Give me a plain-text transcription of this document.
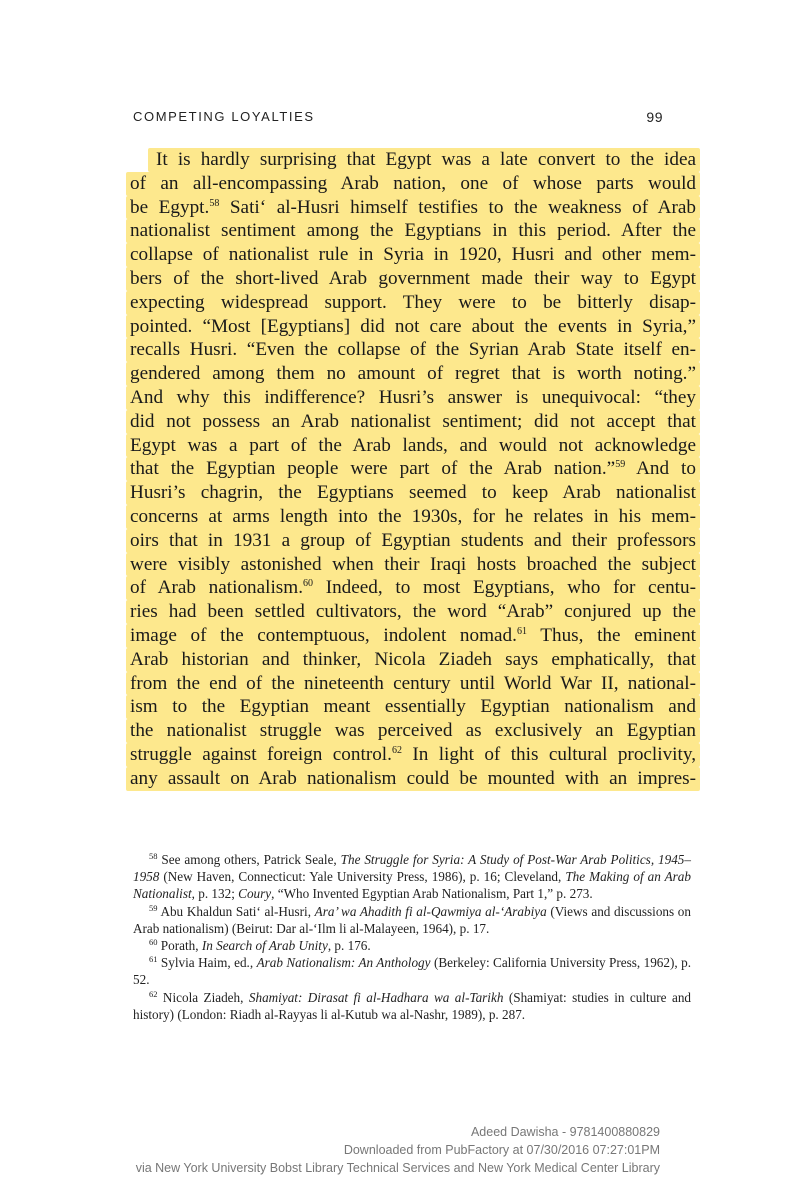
COMPETING LOYALTIES	99
It is hardly surprising that Egypt was a late convert to the idea
of an all-encompassing Arab nation, one of whose parts would
be Egypt.$^{58}$ Sati‘ al-Husri himself testifies to the weakness of Arab
nationalist sentiment among the Egyptians in this period. After the
collapse of nationalist rule in Syria in 1920, Husri and other mem-
bers of the short-lived Arab government made their way to Egypt
expecting widespread support. They were to be bitterly disap-
pointed. “Most [Egyptians] did not care about the events in Syria,”
recalls Husri. “Even the collapse of the Syrian Arab State itself en-
gendered among them no amount of regret that is worth noting.”
And why this indifference? Husri’s answer is unequivocal: “they
did not possess an Arab nationalist sentiment; did not accept that
Egypt was a part of the Arab lands, and would not acknowledge
that the Egyptian people were part of the Arab nation.”$^{59}$ And to
Husri’s chagrin, the Egyptians seemed to keep Arab nationalist
concerns at arms length into the 1930s, for he relates in his mem-
oirs that in 1931 a group of Egyptian students and their professors
were visibly astonished when their Iraqi hosts broached the subject
of Arab nationalism.$^{60}$ Indeed, to most Egyptians, who for centu-
ries had been settled cultivators, the word “Arab” conjured up the
image of the contemptuous, indolent nomad.$^{61}$ Thus, the eminent
Arab historian and thinker, Nicola Ziadeh says emphatically, that
from the end of the nineteenth century until World War II, national-
ism to the Egyptian meant essentially Egyptian nationalism and
the nationalist struggle was perceived as exclusively an Egyptian
struggle against foreign control.$^{62}$ In light of this cultural proclivity,
any assault on Arab nationalism could be mounted with an impres-

$^{58}$ See among others, Patrick Seale, The Struggle for Syria: A Study of Post-War Arab Politics, 1945–1958 (New Haven, Connecticut: Yale University Press, 1986), p. 16; Cleveland, The Making of an Arab Nationalist, p. 132; Coury, “Who Invented Egyptian Arab Nationalism, Part 1,” p. 273.

$^{59}$ Abu Khaldun Sati‘ al-Husri, Ara’ wa Ahadith fi al-Qawmiya al-‘Arabiya (Views and discussions on Arab nationalism) (Beirut: Dar al-‘Ilm li al-Malayeen, 1964), p. 17.

$^{60}$ Porath, In Search of Arab Unity, p. 176.

$^{61}$ Sylvia Haim, ed., Arab Nationalism: An Anthology (Berkeley: California University Press, 1962), p. 52.

$^{62}$ Nicola Ziadeh, Shamiyat: Dirasat fi al-Hadhara wa al-Tarikh (Shamiyat: studies in culture and history) (London: Riadh al-Rayyas li al-Kutub wa al-Nashr, 1989), p. 287.

Adeed Dawisha - 9781400880829
Downloaded from PubFactory at 07/30/2016 07:27:01PM
via New York University Bobst Library Technical Services and New York Medical Center Library
